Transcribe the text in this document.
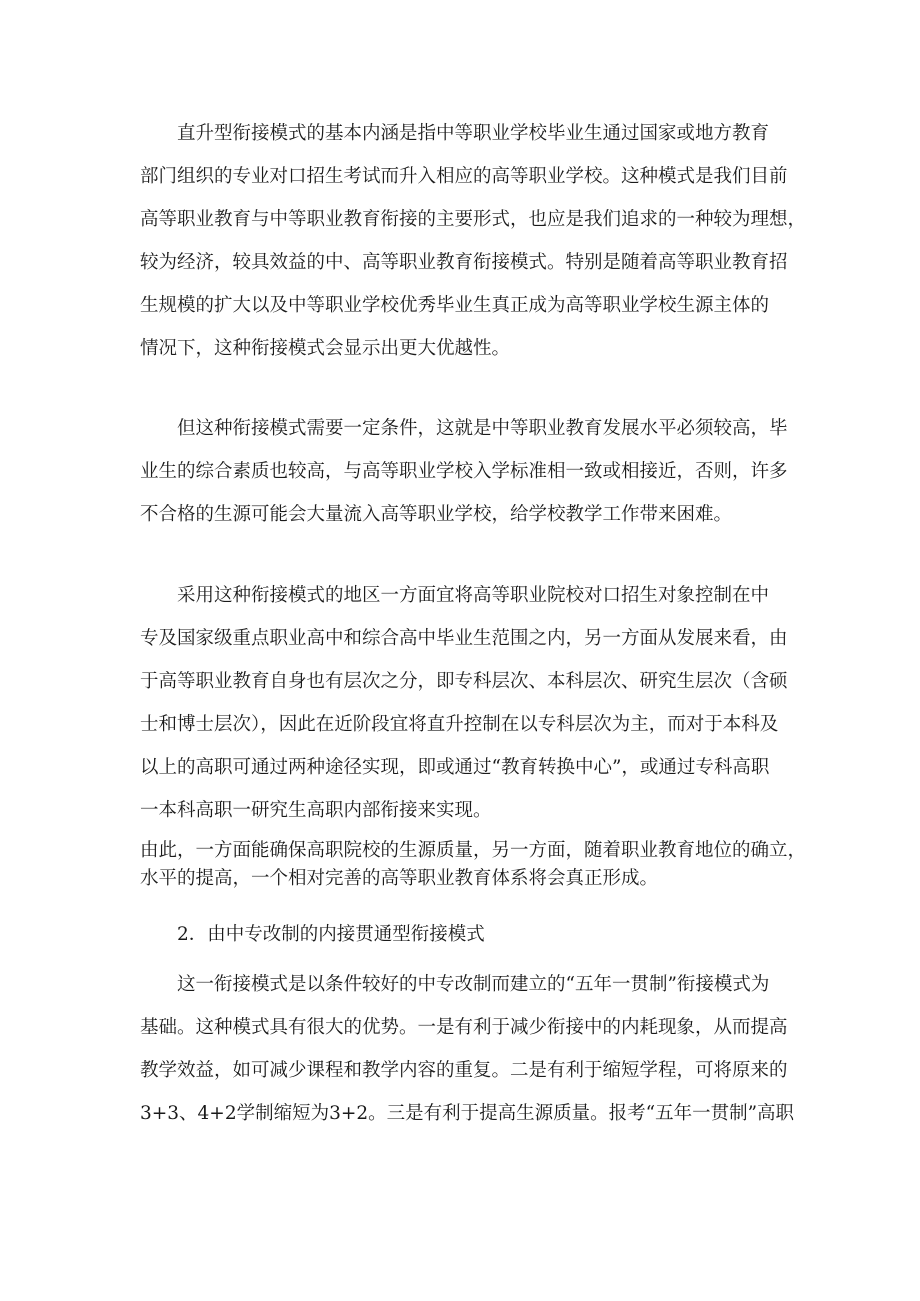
直升型衔接模式的基本内涵是指中等职业学校毕业生通过国家或地方教育
部门组织的专业对口招生考试而升入相应的高等职业学校。这种模式是我们目前
高等职业教育与中等职业教育衔接的主要形式，也应是我们追求的一种较为理想，
较为经济，较具效益的中、高等职业教育衔接模式。特别是随着高等职业教育招
生规模的扩大以及中等职业学校优秀毕业生真正成为高等职业学校生源主体的
情况下，这种衔接模式会显示出更大优越性。
但这种衔接模式需要一定条件，这就是中等职业教育发展水平必须较高，毕
业生的综合素质也较高，与高等职业学校入学标准相一致或相接近，否则，许多
不合格的生源可能会大量流入高等职业学校，给学校教学工作带来困难。
采用这种衔接模式的地区一方面宜将高等职业院校对口招生对象控制在中
专及国家级重点职业高中和综合高中毕业生范围之内，另一方面从发展来看，由
于高等职业教育自身也有层次之分，即专科层次、本科层次、研究生层次（含硕
士和博士层次），因此在近阶段宜将直升控制在以专科层次为主，而对于本科及
以上的高职可通过两种途径实现，即或通过“教育转换中心”，或通过专科高职
一本科高职一研究生高职内部衔接来实现。
由此，一方面能确保高职院校的生源质量，另一方面，随着职业教育地位的确立，
水平的提高，一个相对完善的高等职业教育体系将会真正形成。
2．由中专改制的内接贯通型衔接模式
这一衔接模式是以条件较好的中专改制而建立的“五年一贯制”衔接模式为
基础。这种模式具有很大的优势。一是有利于减少衔接中的内耗现象，从而提高
教学效益，如可减少课程和教学内容的重复。二是有利于缩短学程，可将原来的
3+3、4+2学制缩短为3+2。三是有利于提高生源质量。报考“五年一贯制”高职
